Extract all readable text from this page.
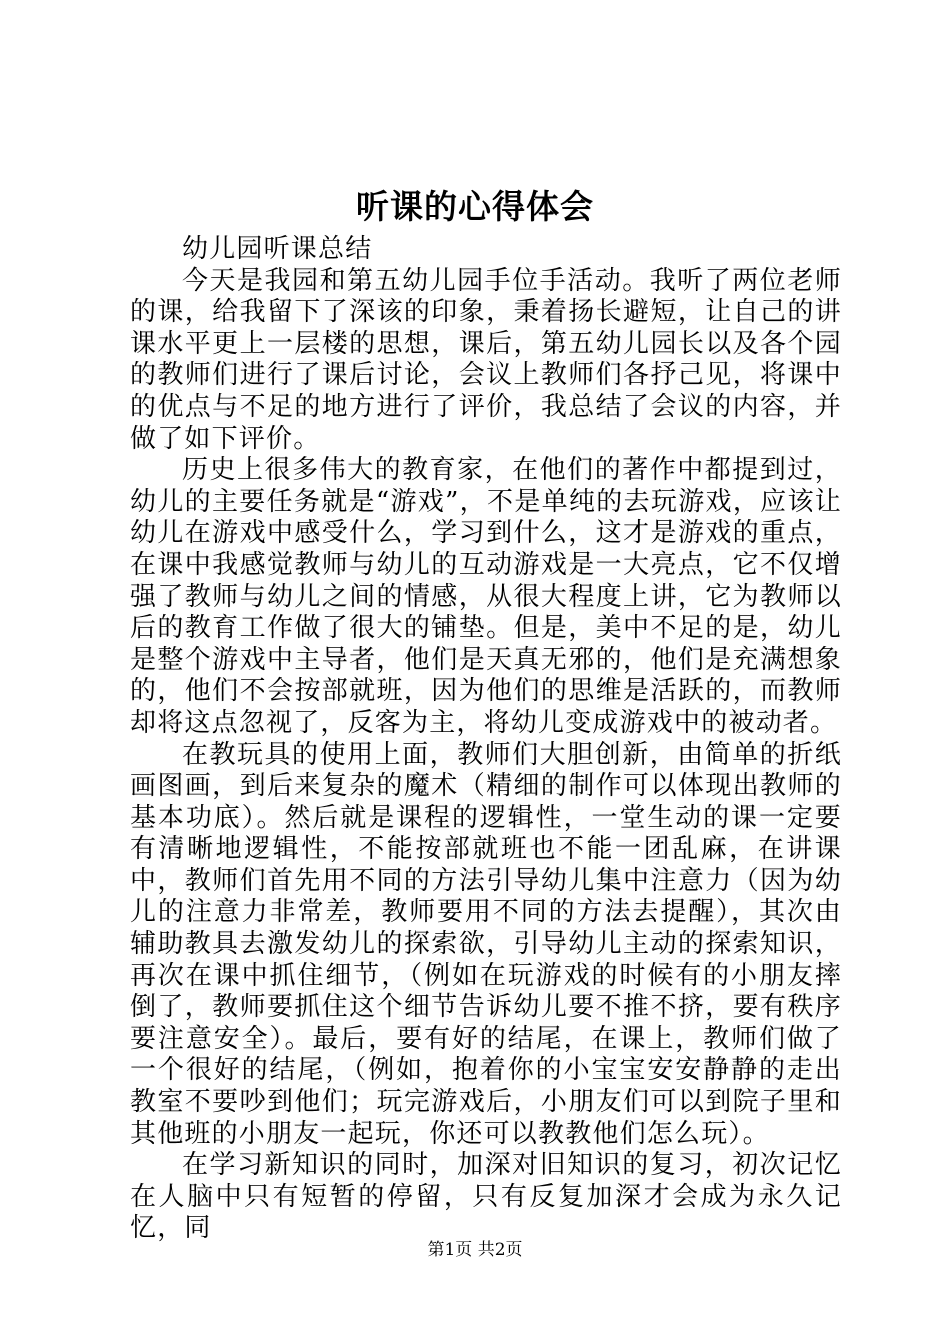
听课的心得体会

幼儿园听课总结

今天是我园和第五幼儿园手位手活动。我听了两位老师的课，给我留下了深该的印象，秉着扬长避短，让自己的讲课水平更上一层楼的思想，课后，第五幼儿园长以及各个园的教师们进行了课后讨论，会议上教师们各抒己见，将课中的优点与不足的地方进行了评价，我总结了会议的内容，并做了如下评价。

历史上很多伟大的教育家，在他们的著作中都提到过，幼儿的主要任务就是“游戏”，不是单纯的去玩游戏，应该让幼儿在游戏中感受什么，学习到什么，这才是游戏的重点，在课中我感觉教师与幼儿的互动游戏是一大亮点，它不仅增强了教师与幼儿之间的情感，从很大程度上讲，它为教师以后的教育工作做了很大的铺垫。但是，美中不足的是，幼儿是整个游戏中主导者，他们是天真无邪的，他们是充满想象的，他们不会按部就班，因为他们的思维是活跃的，而教师却将这点忽视了，反客为主，将幼儿变成游戏中的被动者。

在教玩具的使用上面，教师们大胆创新，由简单的折纸画图画，到后来复杂的魔术（精细的制作可以体现出教师的基本功底）。然后就是课程的逻辑性，一堂生动的课一定要有清晰地逻辑性，不能按部就班也不能一团乱麻，在讲课中，教师们首先用不同的方法引导幼儿集中注意力（因为幼儿的注意力非常差，教师要用不同的方法去提醒），其次由辅助教具去激发幼儿的探索欲，引导幼儿主动的探索知识，再次在课中抓住细节，（例如在玩游戏的时候有的小朋友摔倒了，教师要抓住这个细节告诉幼儿要不推不挤，要有秩序要注意安全）。最后，要有好的结尾，在课上，教师们做了一个很好的结尾，（例如，抱着你的小宝宝安安静静的走出教室不要吵到他们；玩完游戏后，小朋友们可以到院子里和其他班的小朋友一起玩，你还可以教教他们怎么玩）。

在学习新知识的同时，加深对旧知识的复习，初次记忆在人脑中只有短暂的停留，只有反复加深才会成为永久记忆，同

第1页 共2页
